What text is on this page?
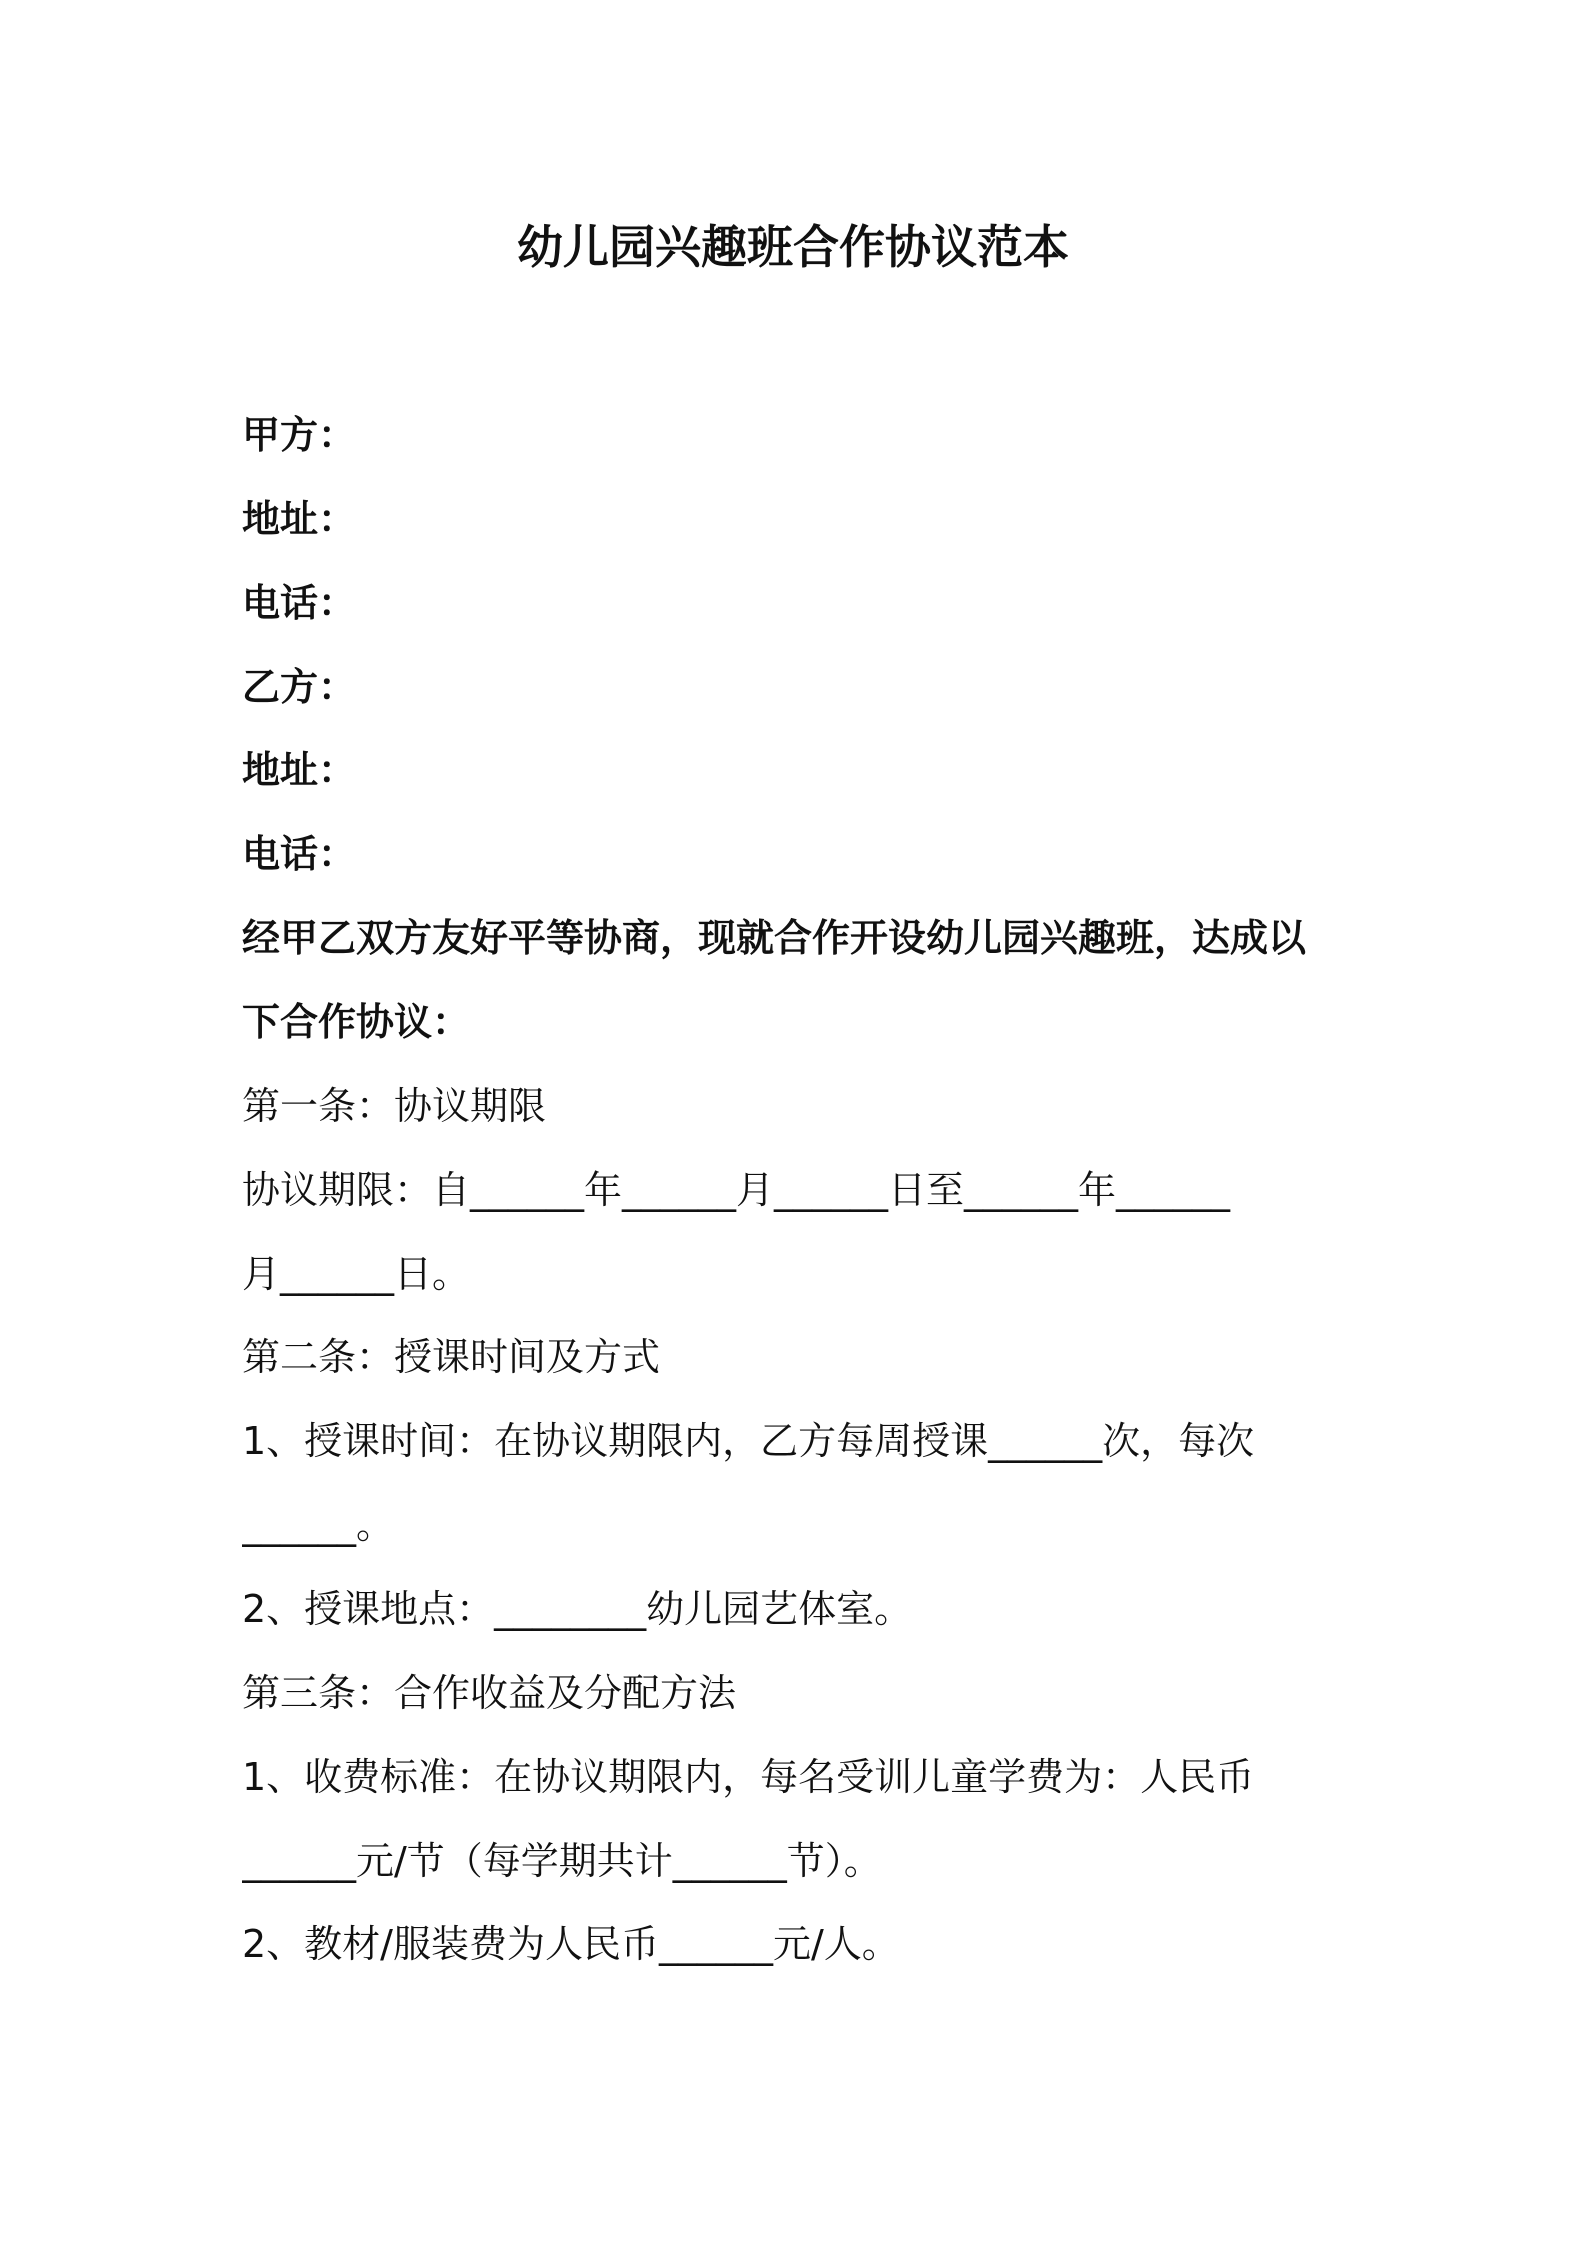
幼儿园兴趣班合作协议范本
甲方：
地址：
电话：
乙方：
地址：
电话：
经甲乙双方友好平等协商，现就合作开设幼儿园兴趣班，达成以
下合作协议：
第一条：协议期限
协议期限：自______年______月______日至______年______
月______日。
第二条：授课时间及方式
1、授课时间：在协议期限内，乙方每周授课______次，每次
______。
2、授课地点：________幼儿园艺体室。
第三条：合作收益及分配方法
1、收费标准：在协议期限内，每名受训儿童学费为：人民币
______元/节（每学期共计______节）。
2、教材/服装费为人民币______元/人。
